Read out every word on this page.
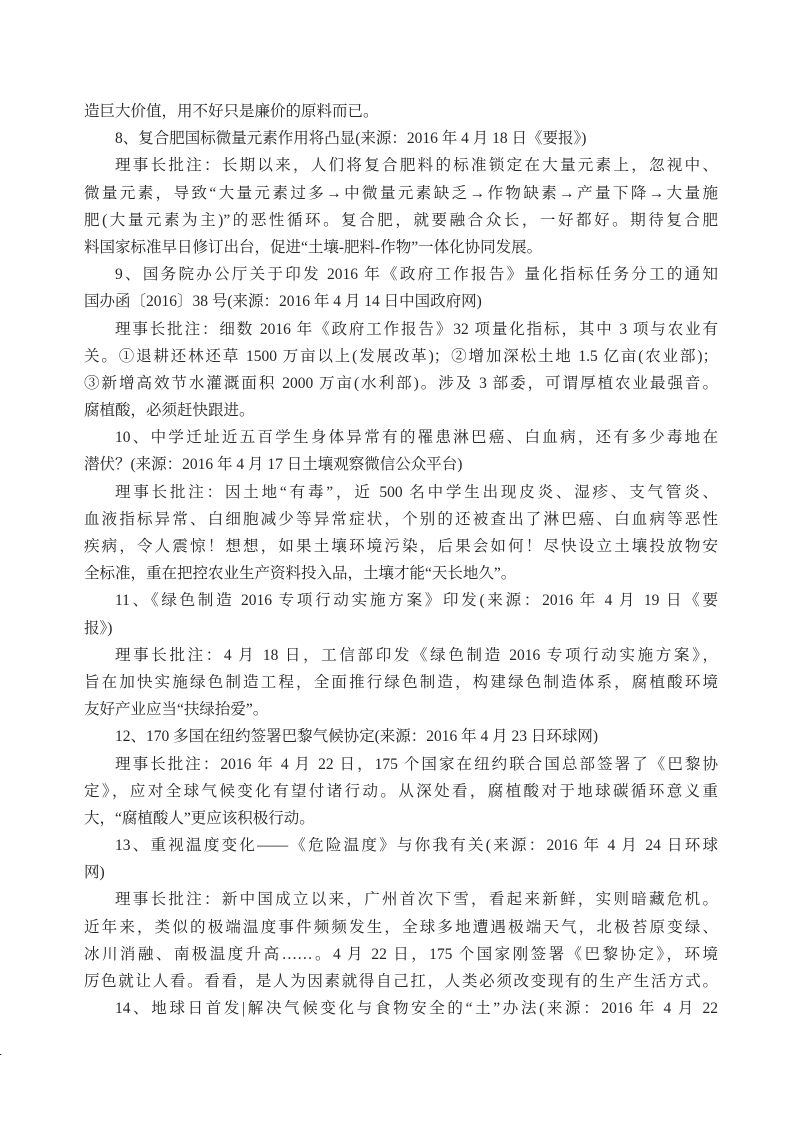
造巨大价值，用不好只是廉价的原料而已。
8、复合肥国标微量元素作用将凸显(来源：2016 年 4 月 18 日《要报》)
理事长批注：长期以来，人们将复合肥料的标准锁定在大量元素上，忽视中、
微量元素，导致“大量元素过多→中微量元素缺乏→作物缺素→产量下降→大量施
肥(大量元素为主)”的恶性循环。复合肥，就要融合众长，一好都好。期待复合肥
料国家标准早日修订出台，促进“土壤-肥料-作物”一体化协同发展。
9、国务院办公厅关于印发 2016 年《政府工作报告》量化指标任务分工的通知
国办函〔2016〕38 号(来源：2016 年 4 月 14 日中国政府网)
理事长批注：细数 2016 年《政府工作报告》32 项量化指标，其中 3 项与农业有
关。①退耕还林还草 1500 万亩以上(发展改革)；②增加深松土地 1.5 亿亩(农业部)；
③新增高效节水灌溉面积 2000 万亩(水利部)。涉及 3 部委，可谓厚植农业最强音。
腐植酸，必须赶快跟进。
10、中学迁址近五百学生身体异常有的罹患淋巴癌、白血病，还有多少毒地在
潜伏？(来源：2016 年 4 月 17 日土壤观察微信公众平台)
理事长批注：因土地“有毒”，近 500 名中学生出现皮炎、湿疹、支气管炎、
血液指标异常、白细胞减少等异常症状，个别的还被查出了淋巴癌、白血病等恶性
疾病，令人震惊！想想，如果土壤环境污染，后果会如何！尽快设立土壤投放物安
全标准，重在把控农业生产资料投入品，土壤才能“天长地久”。
11、《绿色制造 2016 专项行动实施方案》印发(来源：2016 年 4 月 19 日《要
报》)
理事长批注：4 月 18 日，工信部印发《绿色制造 2016 专项行动实施方案》，
旨在加快实施绿色制造工程，全面推行绿色制造，构建绿色制造体系，腐植酸环境
友好产业应当“扶绿抬爱”。
12、170 多国在纽约签署巴黎气候协定(来源：2016 年 4 月 23 日环球网)
理事长批注：2016 年 4 月 22 日，175 个国家在纽约联合国总部签署了《巴黎协
定》，应对全球气候变化有望付诸行动。从深处看，腐植酸对于地球碳循环意义重
大，“腐植酸人”更应该积极行动。
13、重视温度变化——《危险温度》与你我有关(来源：2016 年 4 月 24 日环球
网)
理事长批注：新中国成立以来，广州首次下雪，看起来新鲜，实则暗藏危机。
近年来，类似的极端温度事件频频发生，全球多地遭遇极端天气，北极苔原变绿、
冰川消融、南极温度升高……。4 月 22 日，175 个国家刚签署《巴黎协定》，环境
厉色就让人看。看看，是人为因素就得自己扛，人类必须改变现有的生产生活方式。
14、地球日首发|解决气候变化与食物安全的“土”办法(来源：2016 年 4 月 22
